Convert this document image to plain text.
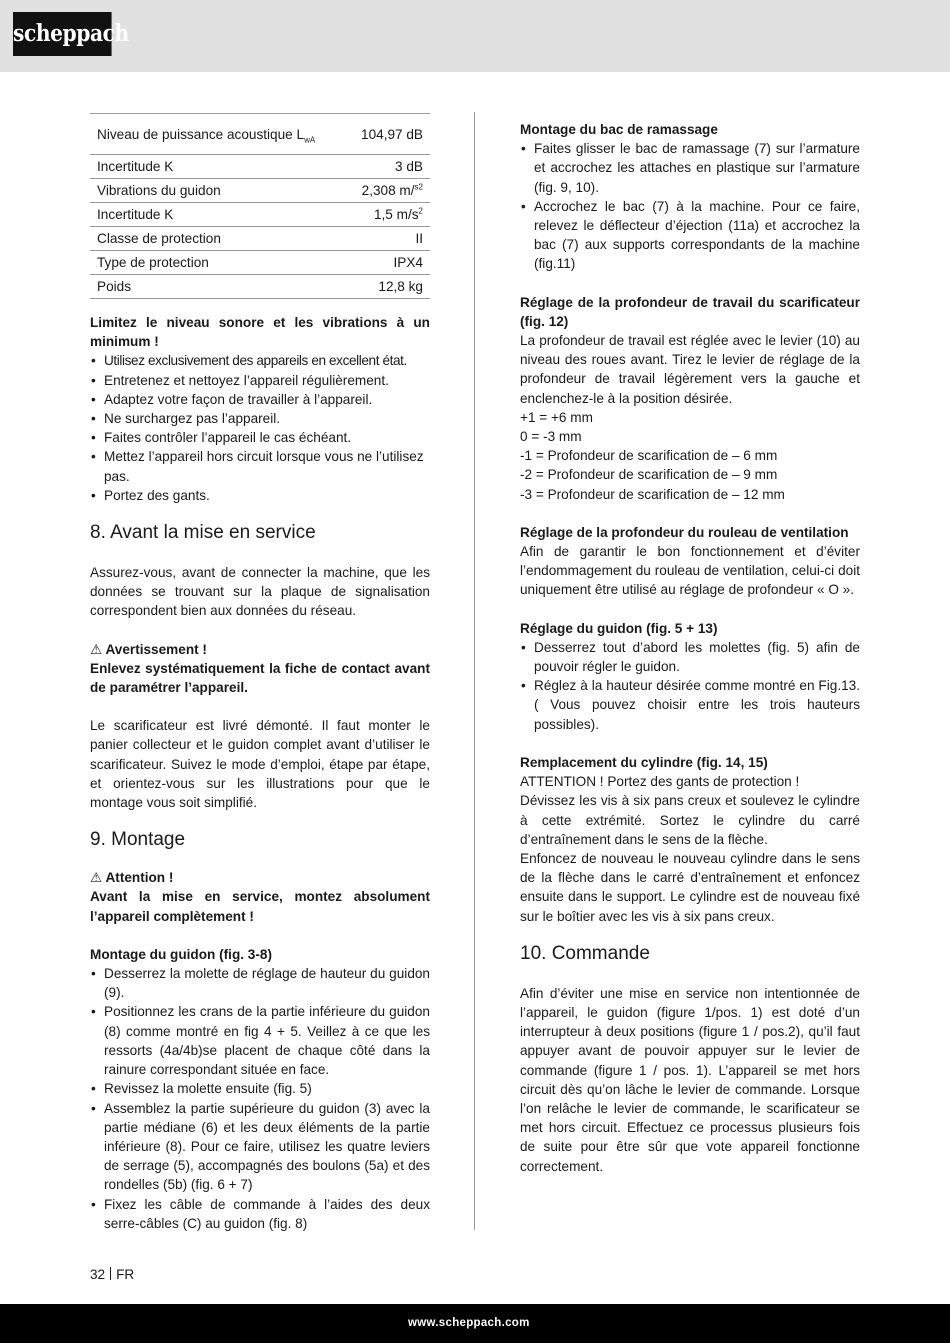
scheppach
Niveau de puissance acoustique $L_{wA}$	104,97 dB
Incertitude K	3 dB
Vibrations du guidon	2,308 m/$^{s2}$
Incertitude K	1,5 $m/s^2$
Classe de protection	II
Type de protection	IPX4
Poids	12,8 kg

Limitez le niveau sonore et les vibrations à un minimum !

• Utilisez exclusivement des appareils en excellent état.
• Entretenez et nettoyez l’appareil régulièrement.
• Adaptez votre façon de travailler à l’appareil.
• Ne surchargez pas l’appareil.
• Faites contrôler l’appareil le cas échéant.
• Mettez l’appareil hors circuit lorsque vous ne l’utilisez pas.
• Portez des gants.
8. Avant la mise en service

Assurez-vous, avant de connecter la machine, que les données se trouvant sur la plaque de signalisation correspondent bien aux données du réseau.

⚠ Avertissement !

Enlevez systématiquement la fiche de contact avant de paramétrer l’appareil.

Le scarificateur est livré démonté. Il faut monter le panier collecteur et le guidon complet avant d’utiliser le scarificateur. Suivez le mode d’emploi, étape par étape, et orientez-vous sur les illustrations pour que le montage vous soit simplifié.

9. Montage

⚠ Attention !

Avant la mise en service, montez absolument l’appareil complètement !

Montage du guidon (fig. 3-8)

• Desserrez la molette de réglage de hauteur du guidon (9).
• Positionnez les crans de la partie inférieure du guidon (8) comme montré en fig 4 + 5. Veillez à ce que les ressorts (4a/4b)se placent de chaque côté dans la rainure correspondant située en face.
• Revissez la molette ensuite (fig. 5)
• Assemblez la partie supérieure du guidon (3) avec la partie médiane (6) et les deux éléments de la partie inférieure (8). Pour ce faire, utilisez les quatre leviers de serrage (5), accompagnés des boulons (5a) et des rondelles (5b) (fig. 6 + 7)
• Fixez les câble de commande à l’aides des deux serre-câbles (C) au guidon (fig. 8)

Montage du bac de ramassage

• Faites glisser le bac de ramassage (7) sur l’armature et accrochez les attaches en plastique sur l’armature (fig. 9, 10).
• Accrochez le bac (7) à la machine. Pour ce faire, relevez le déflecteur d’éjection (11a) et accrochez la bac (7) aux supports correspondants de la machine (fig.11)

Réglage de la profondeur de travail du scarificateur (fig. 12)

La profondeur de travail est réglée avec le levier (10) au niveau des roues avant. Tirez le levier de réglage de la profondeur de travail légèrement vers la gauche et enclenchez-le à la position désirée.

+1 = +6 mm

0 = -3 mm

-1 = Profondeur de scarification de – 6 mm

-2 = Profondeur de scarification de – 9 mm

-3 = Profondeur de scarification de – 12 mm

Réglage de la profondeur du rouleau de ventilation

Afin de garantir le bon fonctionnement et d’éviter l’endommagement du rouleau de ventilation, celui-ci doit uniquement être utilisé au réglage de profondeur « O ».

Réglage du guidon (fig. 5 + 13)

• Desserrez tout d’abord les molettes (fig. 5) afin de pouvoir régler le guidon.
• Réglez à la hauteur désirée comme montré en Fig.13. ( Vous pouvez choisir entre les trois hauteurs possibles).

Remplacement du cylindre (fig. 14, 15)

ATTENTION ! Portez des gants de protection !

Dévissez les vis à six pans creux et soulevez le cylindre à cette extrémité. Sortez le cylindre du carré d’entraînement dans le sens de la flèche.

Enfoncez de nouveau le nouveau cylindre dans le sens de la flèche dans le carré d’entraînement et enfoncez ensuite dans le support. Le cylindre est de nouveau fixé sur le boîtier avec les vis à six pans creux.

10. Commande

Afin d’éviter une mise en service non intentionnée de l’appareil, le guidon (figure 1/pos. 1) est doté d’un interrupteur à deux positions (figure 1 / pos.2), qu’il faut appuyer avant de pouvoir appuyer sur le levier de commande (figure 1 / pos. 1). L’appareil se met hors circuit dès qu’on lâche le levier de commande. Lorsque l’on relâche le levier de commande, le scarificateur se met hors circuit. Effectuez ce processus plusieurs fois de suite pour être sûr que vote appareil fonctionne correctement.

32 FR
www.scheppach.com
